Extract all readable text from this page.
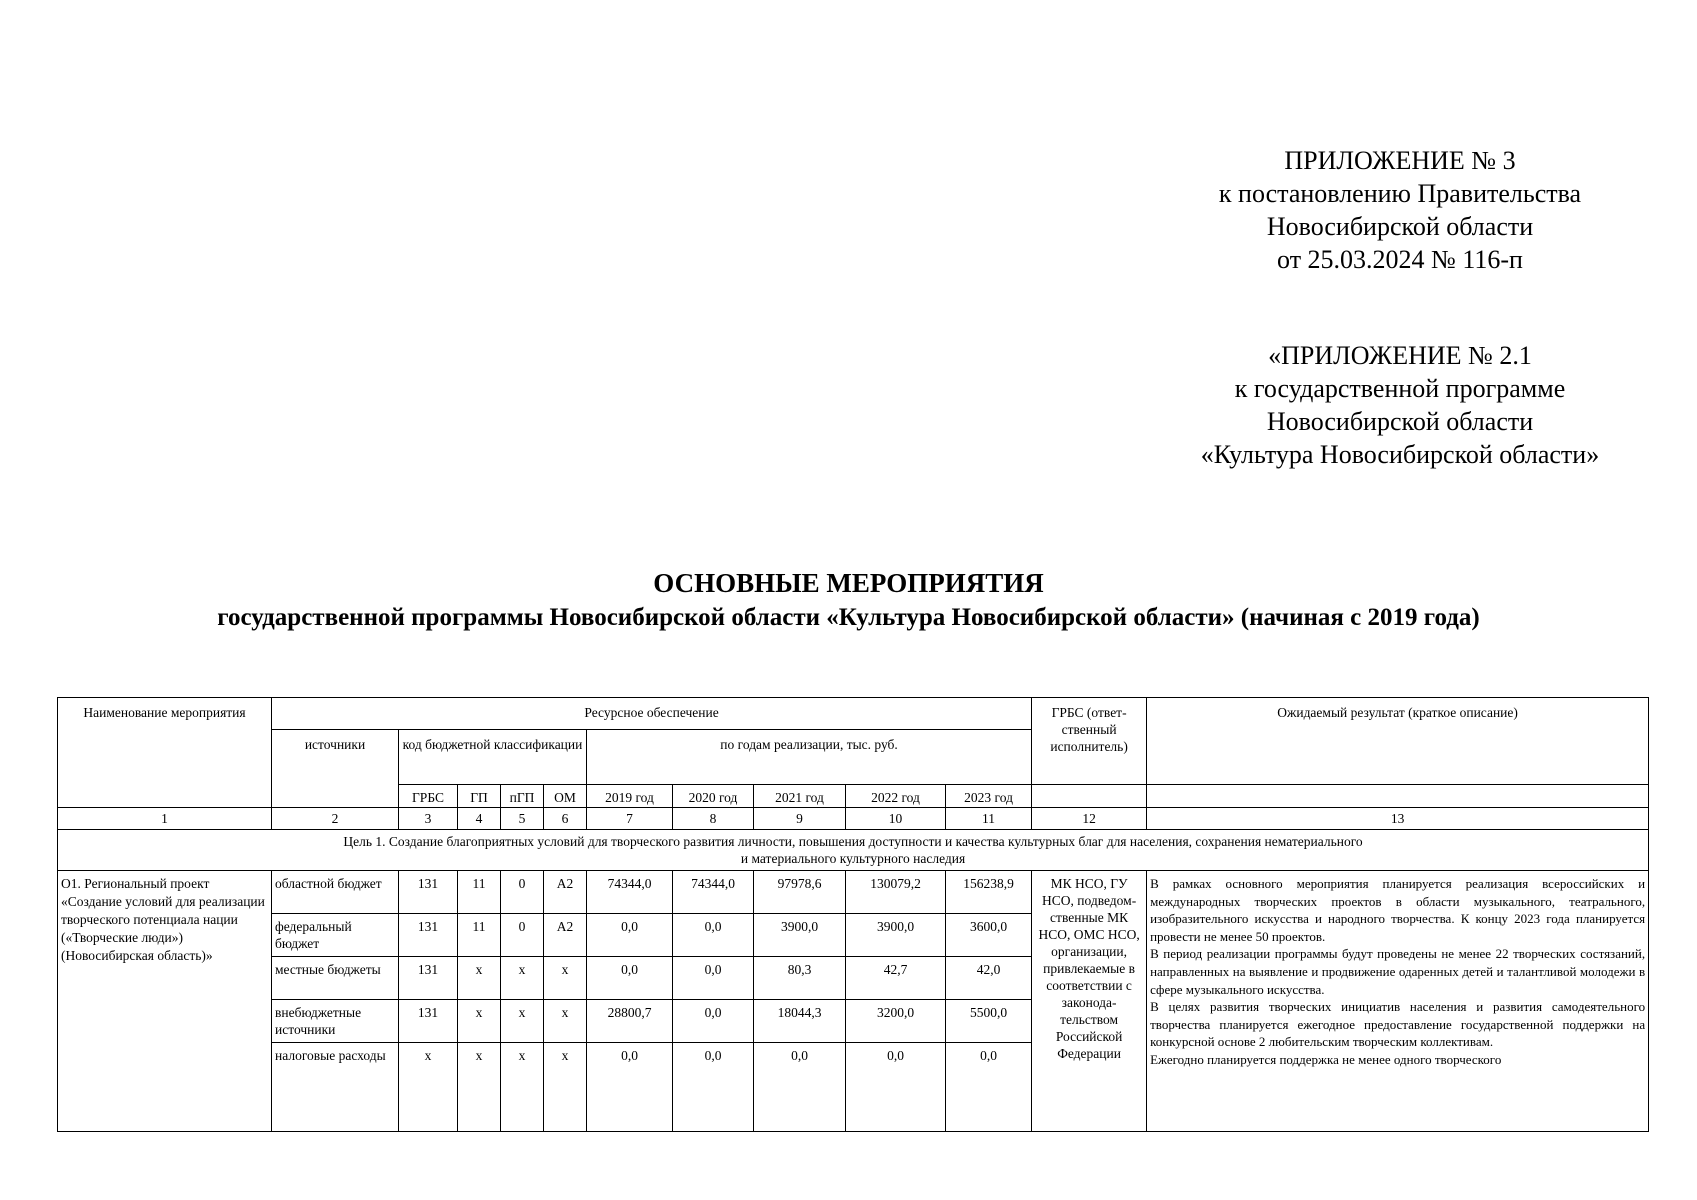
ПРИЛОЖЕНИЕ № 3
к постановлению Правительства
Новосибирской области
от 25.03.2024 № 116-п
«ПРИЛОЖЕНИЕ № 2.1
к государственной программе
Новосибирской области
«Культура Новосибирской области»
ОСНОВНЫЕ МЕРОПРИЯТИЯ
государственной программы Новосибирской области «Культура Новосибирской области» (начиная с 2019 года)
Наименование мероприятия	Ресурсное обеспечение										ГРБС (ответ-ственный исполнитель)	Ожидаемый результат (краткое описание)
	источники	код бюджетной классификации				по годам реализации, тыс. руб.						
		ГРБС	ГП	пГП	ОМ	2019 год	2020 год	2021 год	2022 год	2023 год		
1	2	3	4	5	6	7	8	9	10	11	12	13

Цель 1. Создание благоприятных условий для творческого развития личности, повышения доступности и качества культурных благ для населения, сохранения нематериального
и материального культурного наследия												

О1. Региональный проект «Создание условий для реализации творческого потенциала нации («Творческие люди») (Новосибирская область)»	областной бюджет	131	11	0	А2	74344,0	74344,0	97978,6	130079,2	156238,9	МК НСО, ГУ НСО, подведом-ственные МК НСО, ОМС НСО, организации, привлекаемые в соответствии с законода-тельством Российской Федерации	В рамках основного мероприятия планируется реализация всероссийских и международных творческих проектов в области музыкального, театрального, изобразительного искусства и народного творчества. К концу 2023 года планируется провести не менее 50 проектов.

В период реализации программы будут проведены не менее 22 творческих состязаний, направленных на выявление и продвижение одаренных детей и талантливой молодежи в сфере музыкального искусства.

В целях развития творческих инициатив населения и развития самодеятельного творчества планируется ежегодное предоставление государственной поддержки на конкурсной основе 2 любительским творческим коллективам.

Ежегодно планируется поддержка не менее одного творческого

	федеральный бюджет	131	11	0	А2	0,0	0,0	3900,0	3900,0	3600,0		
	местные бюджеты	131	х	х	х	0,0	0,0	80,3	42,7	42,0		
	внебюджетные источники	131	х	х	х	28800,7	0,0	18044,3	3200,0	5500,0		
	налоговые расходы	х	х	х	х	0,0	0,0	0,0	0,0	0,0		
